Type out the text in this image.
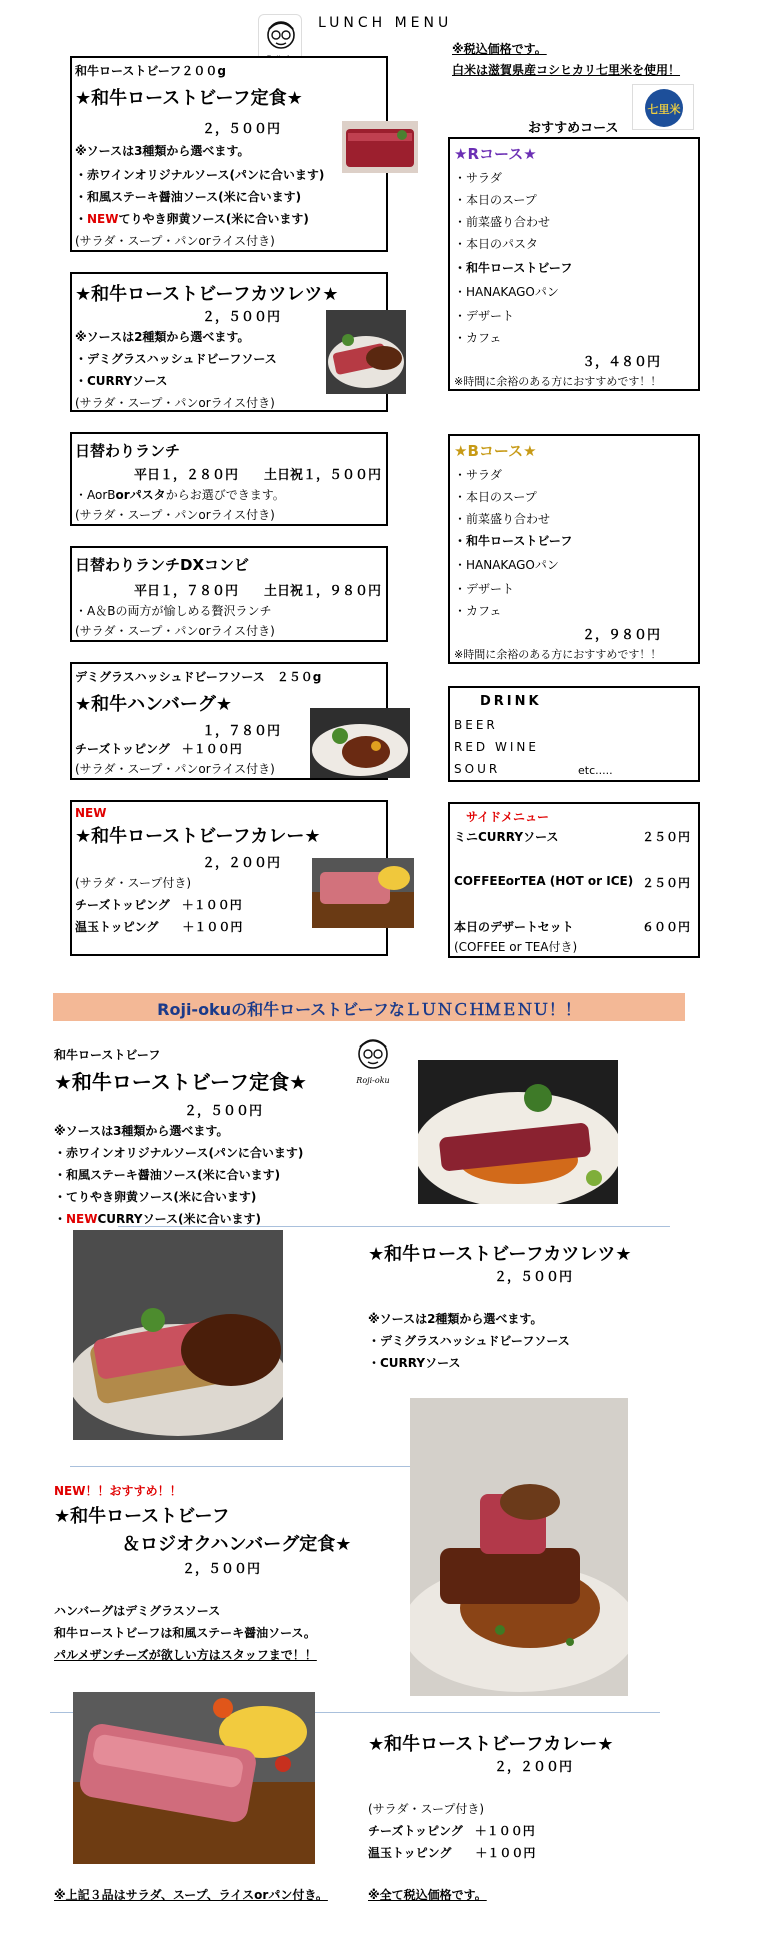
LUNCH MENU
※税込価格です。
白米は滋賀県産コシヒカリ七里米を使用！
七里米
おすすめコース
和牛ローストビーフ２００g
★和牛ローストビーフ定食★
２，５００円
※ソースは3種類から選べます。
・赤ワインオリジナルソース(パンに合います)
・和風ステーキ醤油ソース(米に合います)
・NEWてりやき卵黄ソース(米に合います)
(サラダ・スープ・パンorライス付き)
★和牛ローストビーフカツレツ★
２，５００円
※ソースは2種類から選べます。
・デミグラスハッシュドビーフソース
・CURRYソース
(サラダ・スープ・パンorライス付き)
日替わりランチ
平日１，２８０円　　土日祝１，５００円
・AorBorパスタからお選びできます。
(サラダ・スープ・パンorライス付き)
日替わりランチDXコンビ
平日１，７８０円　　土日祝１，９８０円
・A＆Bの両方が愉しめる贅沢ランチ
(サラダ・スープ・パンorライス付き)
デミグラスハッシュドビーフソース　２５０g
★和牛ハンバーグ★
１，７８０円
チーズトッピング　＋１００円
(サラダ・スープ・パンorライス付き)
NEW
★和牛ローストビーフカレー★
２，２００円
(サラダ・スープ付き)
チーズトッピング　＋１００円
温玉トッピング　　＋１００円
★Rコース★
・サラダ
・本日のスープ
・前菜盛り合わせ
・本日のパスタ
・和牛ローストビーフ
・HANAKAGOパン
・デザート
・カフェ
３，４８０円
※時間に余裕のある方におすすめです！！
★Bコース★
・サラダ
・本日のスープ
・前菜盛り合わせ
・和牛ローストビーフ
・HANAKAGOパン
・デザート
・カフェ
２，９８０円
※時間に余裕のある方におすすめです！！
DRINK
BEER
RED WINE
SOUR	etc.....
サイドメニュー
ミニCURRYソース	２５０円
COFFEEorTEA (HOT or ICE) ２５０円
本日のデザートセット	６００円
(COFFEE or TEA付き)
Roji-okuの和牛ローストビーフなＬＵＮＣＨＭＥＮＵ！！
和牛ローストビーフ
Roji-oku
★和牛ローストビーフ定食★
２，５００円
※ソースは3種類から選べます。
・赤ワインオリジナルソース(パンに合います)
・和風ステーキ醤油ソース(米に合います)
・てりやき卵黄ソース(米に合います)
・NEWCURRYソース(米に合います)
★和牛ローストビーフカツレツ★
２，５００円
※ソースは2種類から選べます。
・デミグラスハッシュドビーフソース
・CURRYソース
NEW！！おすすめ！！
★和牛ローストビーフ
＆ロジオクハンバーグ定食★
２，５００円
ハンバーグはデミグラスソース
和牛ローストビーフは和風ステーキ醤油ソース。
パルメザンチーズが欲しい方はスタッフまで！！
★和牛ローストビーフカレー★
２，２００円
(サラダ・スープ付き)
チーズトッピング　＋１００円
温玉トッピング　　＋１００円
※上記３品はサラダ、スープ、ライスorパン付き。	※全て税込価格です。
